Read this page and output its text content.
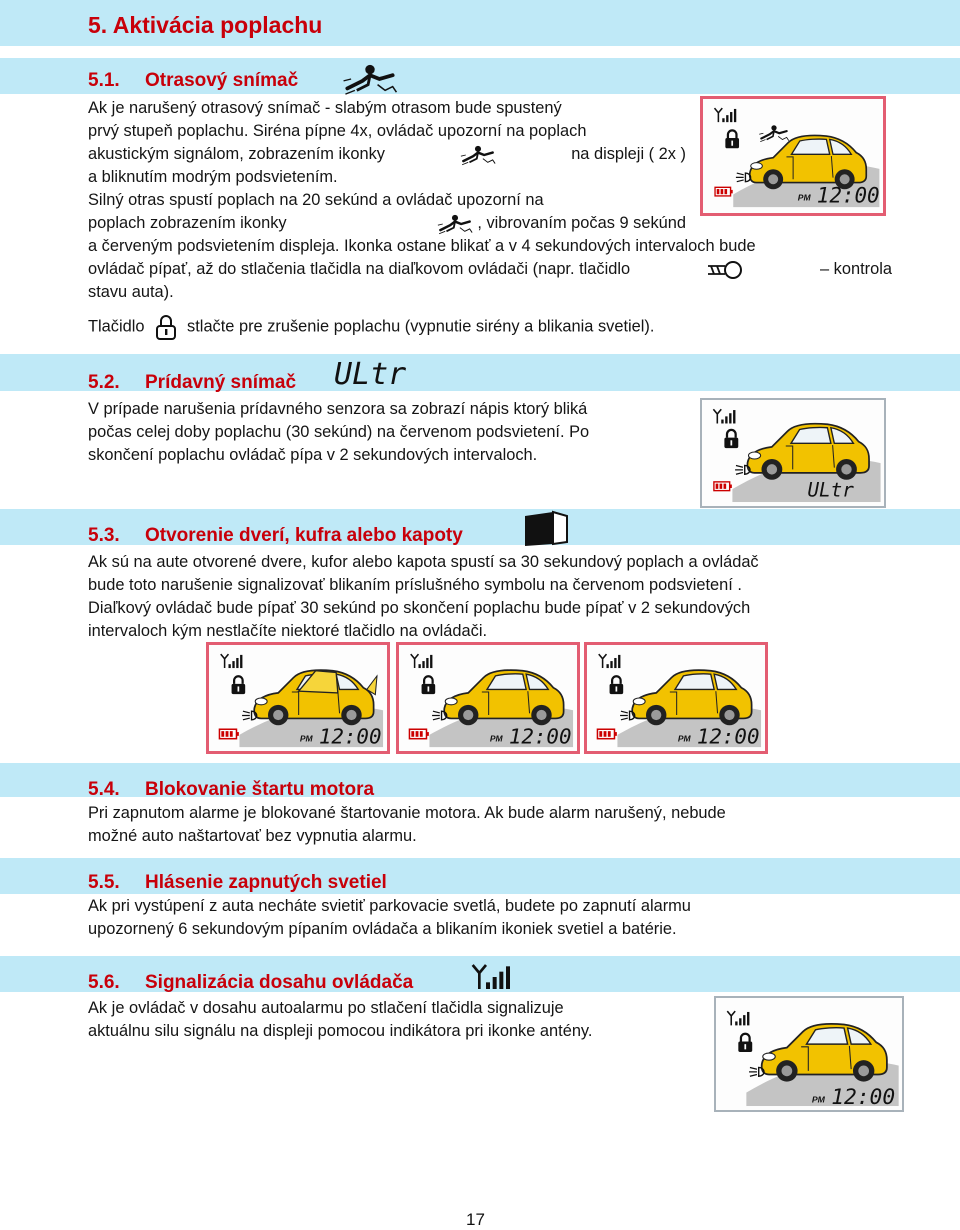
5. Aktivácia poplachu
5.1. Otrasový snímač

Ak je narušený otrasový snímač - slabým otrasom bude spustený

prvý stupeň poplachu. Siréna pípne 4x, ovládač upozorní na poplach

akustickým signálom, zobrazením ikonky	na displeji ( 2x )

a bliknutím modrým podsvietením.

Silný otras spustí poplach na 20 sekúnd a ovládač upozorní na

poplach zobrazením ikonky	, vibrovaním počas 9 sekúnd

PM 12:00

a červeným podsvietením displeja. Ikonka ostane blikať a v 4 sekundových intervaloch bude

ovládač pípať, až do stlačenia tlačidla na diaľkovom ovládači (napr. tlačidlo	– kontrola

stavu auta).

Tlačidlo	stlačte pre zrušenie poplachu (vypnutie sirény a blikania svetiel).

5.2. Prídavný snímač ULtr

V prípade narušenia prídavného senzora sa zobrazí nápis ktorý bliká

počas celej doby poplachu (30 sekúnd) na červenom podsvietení. Po

skončení poplachu ovládač pípa v 2 sekundových intervaloch.

ULtr
5.3. Otvorenie dverí, kufra alebo kapoty

Ak sú na aute otvorené dvere, kufor alebo kapota spustí sa 30 sekundový poplach a ovládač

bude toto narušenie signalizovať blikaním príslušného symbolu na červenom podsvietení .

Diaľkový ovládač bude pípať 30 sekúnd po skončení poplachu bude pípať v 2 sekundových

intervaloch kým nestlačíte niektoré tlačidlo na ovládači.

PM 12:00	PM 12:00	PM 12:00
5.4. Blokovanie štartu motora

Pri zapnutom alarme je blokované štartovanie motora. Ak bude alarm narušený, nebude

možné auto naštartovať bez vypnutia alarmu.

5.5. Hlásenie zapnutých svetiel

Ak pri vystúpení z auta necháte svietiť parkovacie svetlá, budete po zapnutí alarmu

upozornený 6 sekundovým pípaním ovládača a blikaním ikoniek svetiel a batérie.

5.6. Signalizácia dosahu ovládača

Ak je ovládač v dosahu autoalarmu po stlačení tlačidla signalizuje

aktuálnu silu signálu na displeji pomocou indikátora pri ikonke antény.

PM 12:00
17
